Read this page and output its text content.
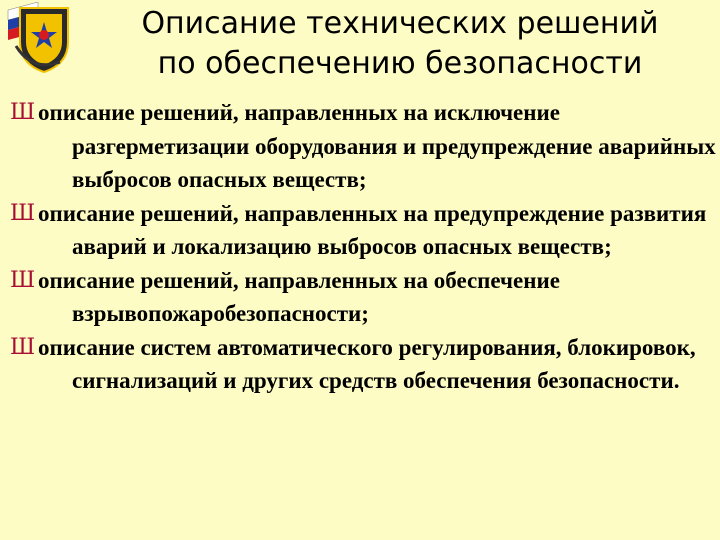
Описание технических решений
по обеспечению безопасности
Ш описание решений, направленных на исключение разгерметизации оборудования и предупреждение аварийных выбросов опасных веществ;
Ш описание решений, направленных на предупреждение развития аварий и локализацию выбросов опасных веществ;
Ш описание решений, направленных на обеспечение взрывопожаробезопасности;
Ш описание систем автоматического регулирования, блокировок, сигнализаций и других средств обеспечения безопасности.
